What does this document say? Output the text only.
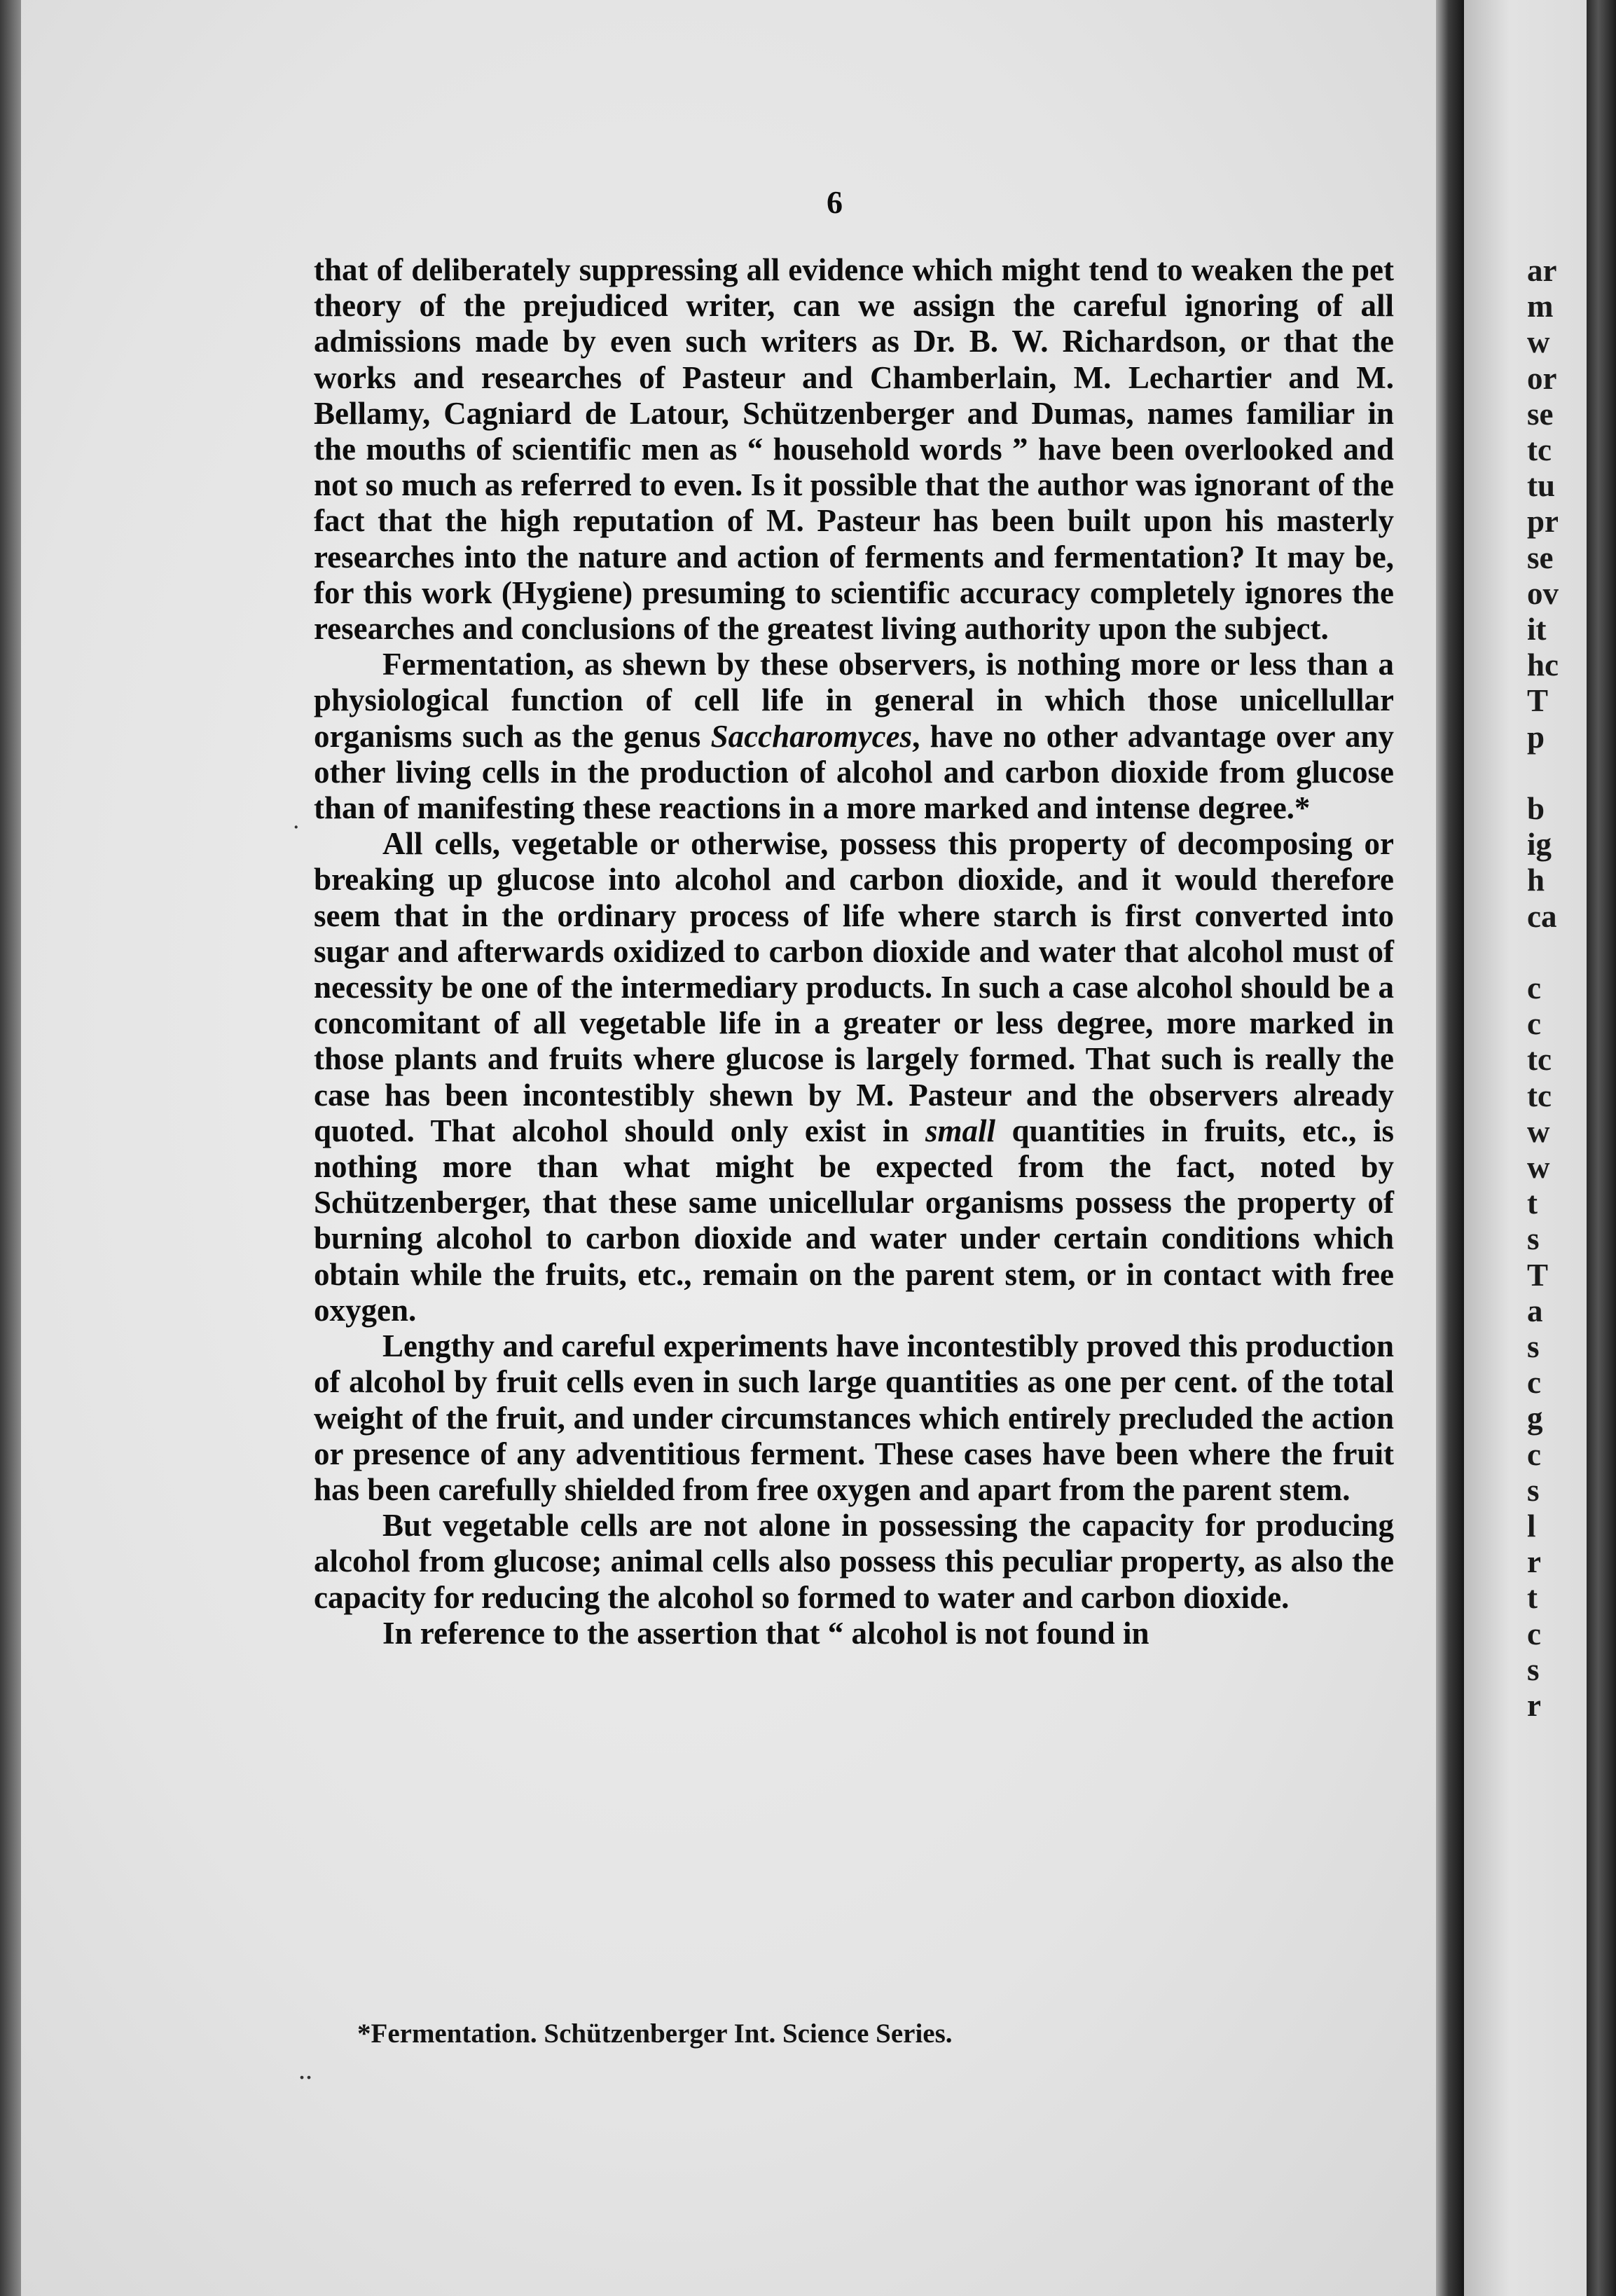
6

that of deliberately suppressing all evidence which might tend to weaken the pet theory of the prejudiced writer, can we assign the careful ignoring of all admissions made by even such writers as Dr. B. W. Richardson, or that the works and researches of Pasteur and Chamberlain, M. Lechartier and M. Bellamy, Cagniard de Latour, Schützenberger and Dumas, names familiar in the mouths of scientific men as “ household words ” have been overlooked and not so much as referred to even. Is it possible that the author was ignorant of the fact that the high reputation of M. Pasteur has been built upon his masterly researches into the nature and action of ferments and fermentation? It may be, for this work (Hygiene) presuming to scientific accuracy completely ignores the researches and conclusions of the greatest living authority upon the subject.

Fermentation, as shewn by these observers, is nothing more or less than a physiological function of cell life in general in which those unicellullar organisms such as the genus Saccharomyces, have no other advantage over any other living cells in the production of alcohol and carbon dioxide from glucose than of manifesting these reactions in a more marked and intense degree.*

All cells, vegetable or otherwise, possess this property of decomposing or breaking up glucose into alcohol and carbon dioxide, and it would therefore seem that in the ordinary process of life where starch is first converted into sugar and afterwards oxidized to carbon dioxide and water that alcohol must of necessity be one of the intermediary products. In such a case alcohol should be a concomitant of all vegetable life in a greater or less degree, more marked in those plants and fruits where glucose is largely formed. That such is really the case has been incontestibly shewn by M. Pasteur and the observers already quoted. That alcohol should only exist in small quantities in fruits, etc., is nothing more than what might be expected from the fact, noted by Schützenberger, that these same unicellular organisms possess the property of burning alcohol to carbon dioxide and water under certain conditions which obtain while the fruits, etc., remain on the parent stem, or in contact with free oxygen.

Lengthy and careful experiments have incontestibly proved this production of alcohol by fruit cells even in such large quantities as one per cent. of the total weight of the fruit, and under circumstances which entirely precluded the action or presence of any adventitious ferment. These cases have been where the fruit has been carefully shielded from free oxygen and apart from the parent stem.

But vegetable cells are not alone in possessing the capacity for producing alcohol from glucose; animal cells also possess this peculiar property, as also the capacity for reducing the alcohol so formed to water and carbon dioxide.

In reference to the assertion that “ alcohol is not found in

*Fermentation. Schützenberger Int. Science Series.
ar
m
w
or
se
tc
tu
pr
se
ov
it
hc
T
p
b
ig
h
ca
c
c
tc
tc
w
w
t
s
T
a
s
c
g
c
s
l
r
t
c
s
r
˙
..
